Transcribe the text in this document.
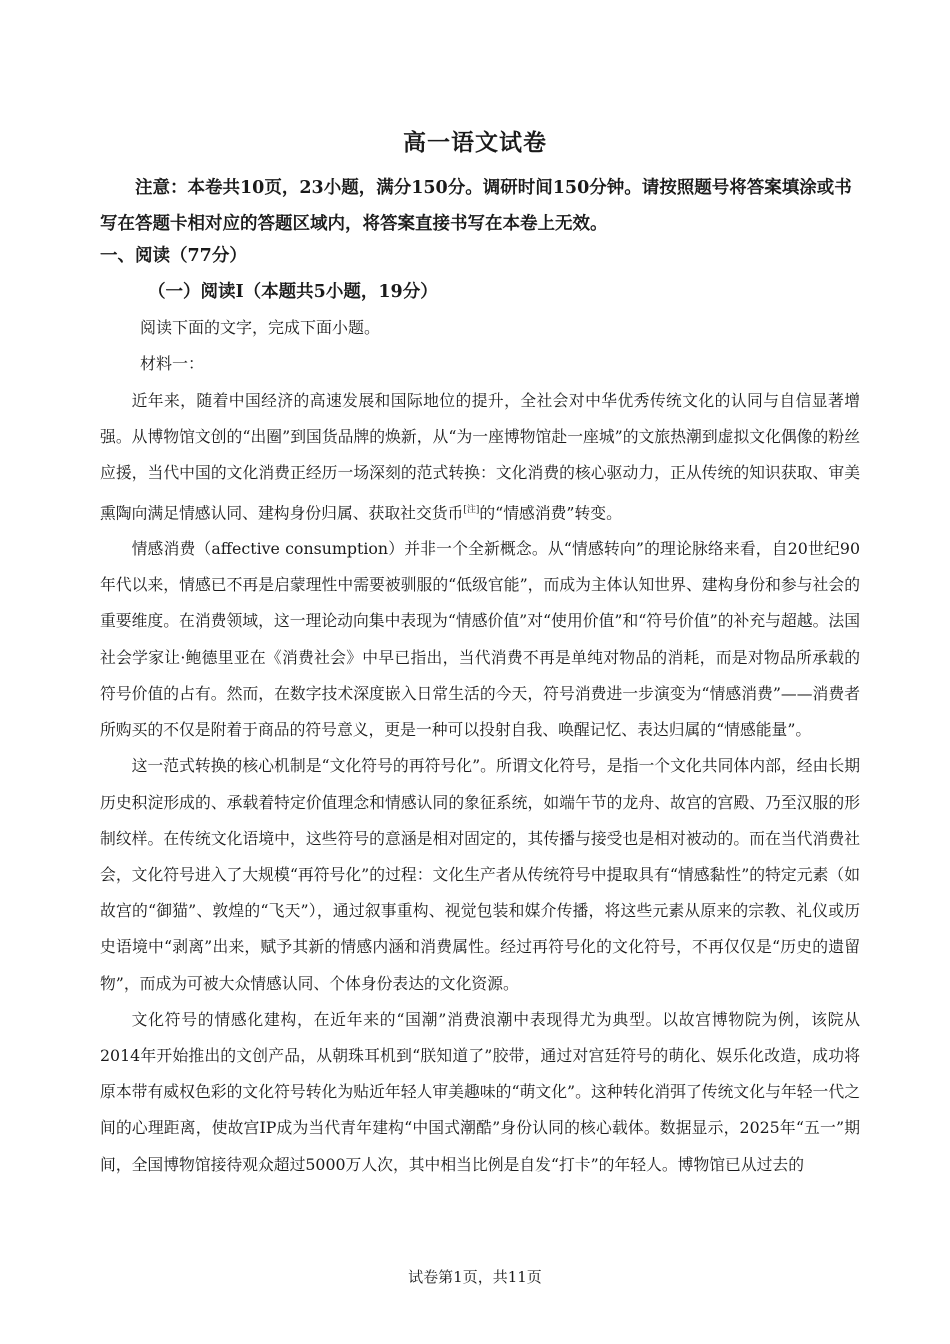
高一语文试卷

注意：本卷共10页，23小题，满分150分。调研时间150分钟。请按照题号将答案填涂或书写在答题卡相对应的答题区域内，将答案直接书写在本卷上无效。

一、阅读（77分）

（一）阅读I（本题共5小题，19分）

阅读下面的文字，完成下面小题。

材料一：

近年来，随着中国经济的高速发展和国际地位的提升，全社会对中华优秀传统文化的认同与自信显著增强。从博物馆文创的“出圈”到国货品牌的焕新，从“为一座博物馆赴一座城”的文旅热潮到虚拟文化偶像的粉丝应援，当代中国的文化消费正经历一场深刻的范式转换：文化消费的核心驱动力，正从传统的知识获取、审美熏陶向满足情感认同、建构身份归属、获取社交货币[注]的“情感消费”转变。

情感消费（affective consumption）并非一个全新概念。从“情感转向”的理论脉络来看，自20世纪90年代以来，情感已不再是启蒙理性中需要被驯服的“低级官能”，而成为主体认知世界、建构身份和参与社会的重要维度。在消费领域，这一理论动向集中表现为“情感价值”对“使用价值”和“符号价值”的补充与超越。法国社会学家让·鲍德里亚在《消费社会》中早已指出，当代消费不再是单纯对物品的消耗，而是对物品所承载的符号价值的占有。然而，在数字技术深度嵌入日常生活的今天，符号消费进一步演变为“情感消费”——消费者所购买的不仅是附着于商品的符号意义，更是一种可以投射自我、唤醒记忆、表达归属的“情感能量”。

这一范式转换的核心机制是“文化符号的再符号化”。所谓文化符号，是指一个文化共同体内部，经由长期历史积淀形成的、承载着特定价值理念和情感认同的象征系统，如端午节的龙舟、故宫的宫殿、乃至汉服的形制纹样。在传统文化语境中，这些符号的意涵是相对固定的，其传播与接受也是相对被动的。而在当代消费社会，文化符号进入了大规模“再符号化”的过程：文化生产者从传统符号中提取具有“情感黏性”的特定元素（如故宫的“御猫”、敦煌的“飞天”），通过叙事重构、视觉包装和媒介传播，将这些元素从原来的宗教、礼仪或历史语境中“剥离”出来，赋予其新的情感内涵和消费属性。经过再符号化的文化符号，不再仅仅是“历史的遗留物”，而成为可被大众情感认同、个体身份表达的文化资源。

文化符号的情感化建构，在近年来的“国潮”消费浪潮中表现得尤为典型。以故宫博物院为例，该院从2014年开始推出的文创产品，从朝珠耳机到“朕知道了”胶带，通过对宫廷符号的萌化、娱乐化改造，成功将原本带有威权色彩的文化符号转化为贴近年轻人审美趣味的“萌文化”。这种转化消弭了传统文化与年轻一代之间的心理距离，使故宫IP成为当代青年建构“中国式潮酷”身份认同的核心载体。数据显示，2025年“五一”期间，全国博物馆接待观众超过5000万人次，其中相当比例是自发“打卡”的年轻人。博物馆已从过去的

试卷第1页，共11页
